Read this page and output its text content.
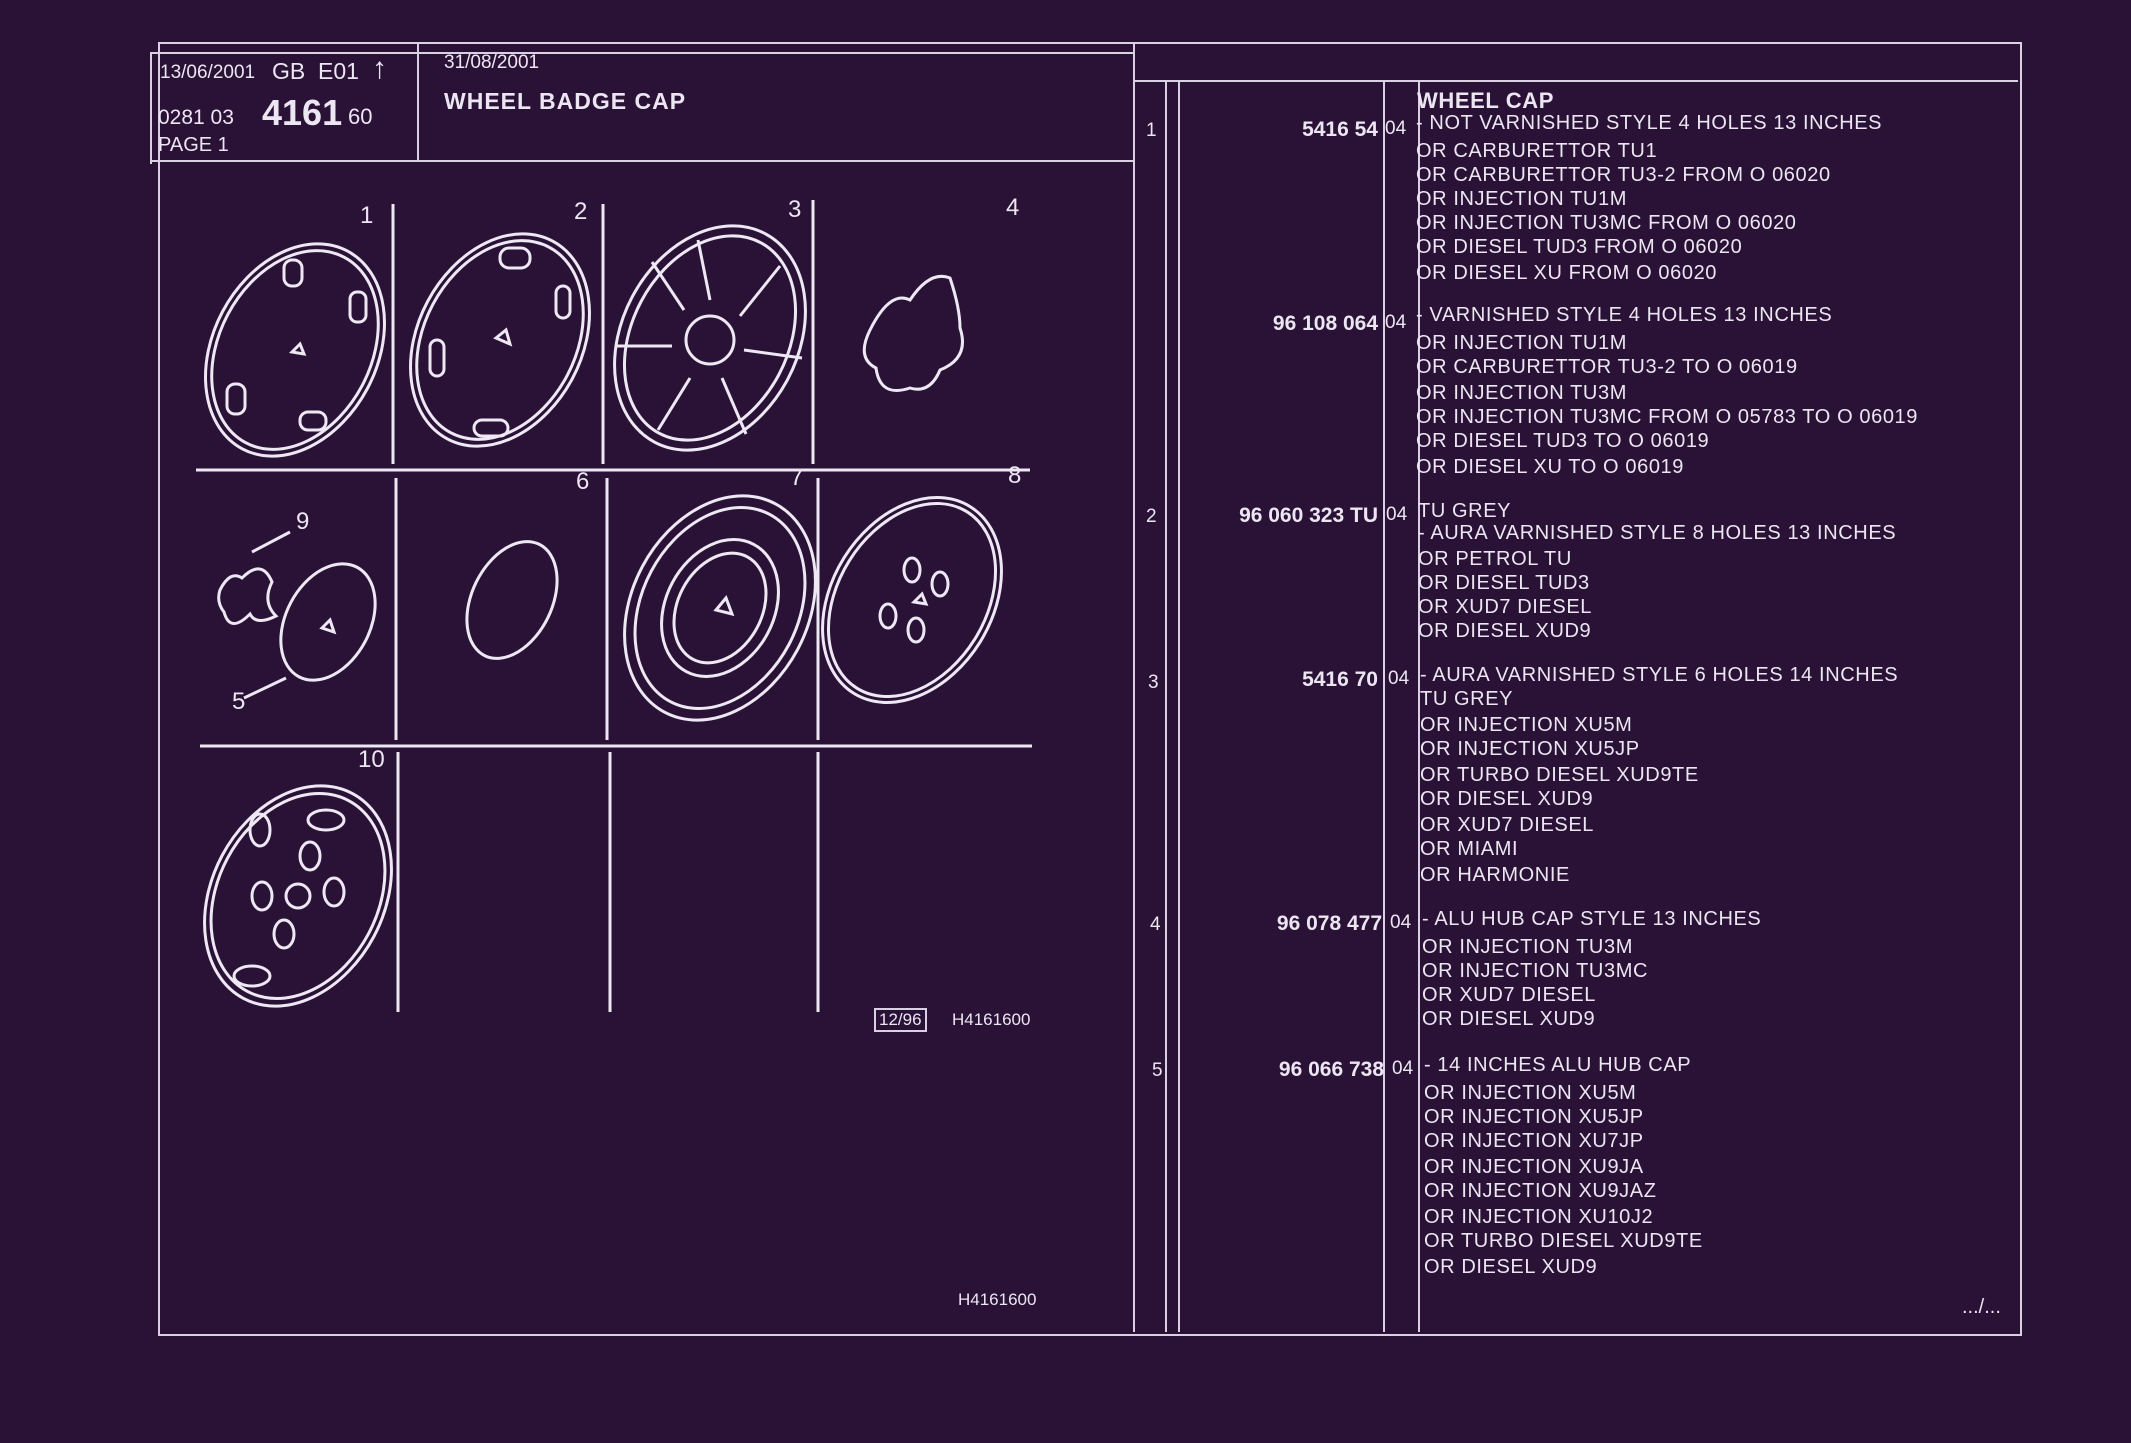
13/06/2001 GB E01 ↑
0281 03 4161 60
PAGE 1
31/08/2001
WHEEL BADGE CAP
1	2	3	4
9
5
6	7	8
10
12/96 H4161600
H4161600
1	5416 54 04
WHEEL CAP
- NOT VARNISHED STYLE 4 HOLES 13 INCHES
OR CARBURETTOR TU1
OR CARBURETTOR TU3-2 FROM O 06020
OR INJECTION TU1M
OR INJECTION TU3MC FROM O 06020
OR DIESEL TUD3 FROM O 06020
OR DIESEL XU FROM O 06020
96 108 064 04 - VARNISHED STYLE 4 HOLES 13 INCHES
OR INJECTION TU1M
OR CARBURETTOR TU3-2 TO O 06019
OR INJECTION TU3M
OR INJECTION TU3MC FROM O 05783 TO O 06019
OR DIESEL TUD3 TO O 06019
OR DIESEL XU TO O 06019
2	96 060 323 TU 04 TU GREY
- AURA VARNISHED STYLE 8 HOLES 13 INCHES
OR PETROL TU
OR DIESEL TUD3
OR XUD7 DIESEL
OR DIESEL XUD9
3	5416 70 04 - AURA VARNISHED STYLE 6 HOLES 14 INCHES
TU GREY
OR INJECTION XU5M
OR INJECTION XU5JP
OR TURBO DIESEL XUD9TE
OR DIESEL XUD9
OR XUD7 DIESEL
OR MIAMI
OR HARMONIE
4	96 078 477 04 - ALU HUB CAP STYLE 13 INCHES
OR INJECTION TU3M
OR INJECTION TU3MC
OR XUD7 DIESEL
OR DIESEL XUD9
5	96 066 738 04 - 14 INCHES ALU HUB CAP
OR INJECTION XU5M
OR INJECTION XU5JP
OR INJECTION XU7JP
OR INJECTION XU9JA
OR INJECTION XU9JAZ
OR INJECTION XU10J2
OR TURBO DIESEL XUD9TE
OR DIESEL XUD9
.../...
